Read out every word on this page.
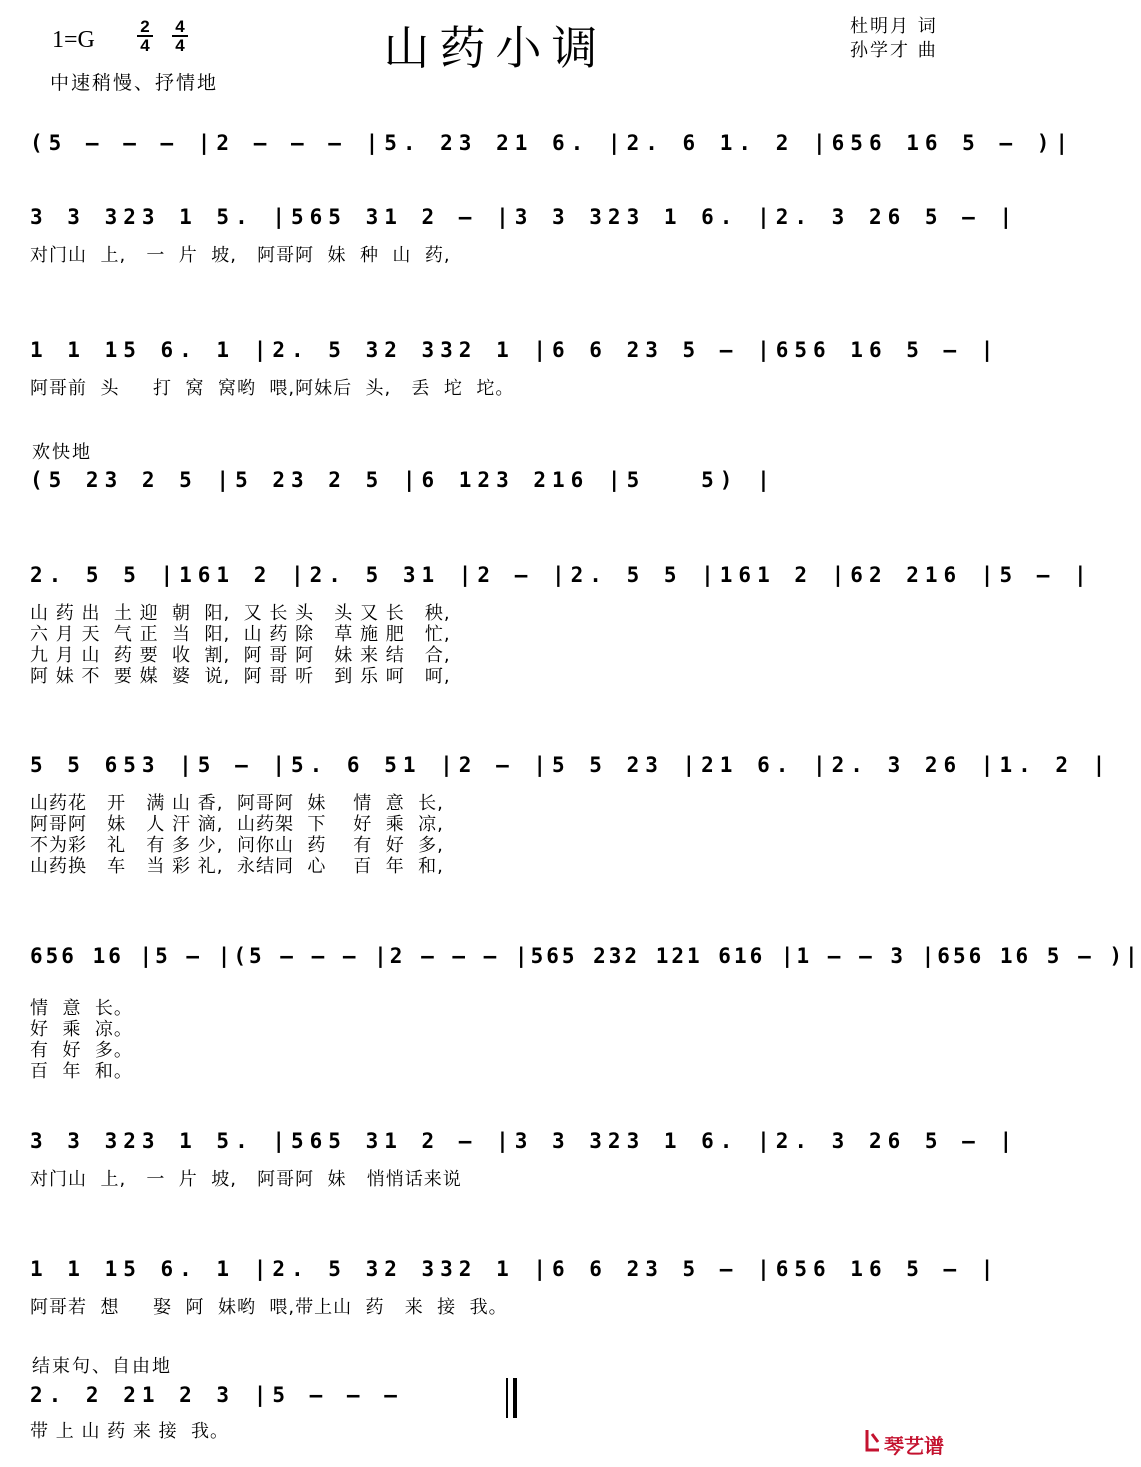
1=G
2
4
4
4	山药小调	杜明月 词
孙学才 曲
中速稍慢、抒情地
(5 – – – |2 – – – |5. 23 21 6. |2. 6 1. 2 |656 16 5 – )|
3 3 323 1 5. |565 31 2 – |3 3 323 1 6. |2. 3 26 5 – |
对门山  上,   一  片  坡,   阿哥阿  妹  种  山  药,
1 1 15 6. 1 |2. 5 32 332 1 |6 6 23 5 – |656 16 5 – |
阿哥前  头     打  窝  窝哟  喂,阿妹后  头,   丢  坨  坨。
欢快地
(5 23 2 5 |5 23 2 5 |6 123 216 |5   5) |
2. 5 5 |161 2 |2. 5 31 |2 – |2. 5 5 |161 2 |62 216 |5 – |
山 药 出  土 迎  朝  阳,  又 长 头   头 又 长   秧,
六 月 天  气 正  当  阳,  山 药 除   草 施 肥   忙,
九 月 山  药 要  收  割,  阿 哥 阿   妹 来 结   合,
阿 妹 不  要 媒  婆  说,  阿 哥 听   到 乐 呵   呵,
5 5 653 |5 – |5. 6 51 |2 – |5 5 23 |21 6. |2. 3 26 |1. 2 |
山药花   开   满 山 香,  阿哥阿  妹    情  意  长,
阿哥阿   妹   人 汗 滴,  山药架  下    好  乘  凉,
不为彩   礼   有 多 少,  问你山  药    有  好  多,
山药换   车   当 彩 礼,  永结同  心    百  年  和,
656 16 |5 – |(5 – – – |2 – – – |565 232 121 616 |1 – – 3 |656 16 5 – )|
情  意  长。
好  乘  凉。
有  好  多。
百  年  和。
3 3 323 1 5. |565 31 2 – |3 3 323 1 6. |2. 3 26 5 – |
对门山  上,   一  片  坡,   阿哥阿  妹   悄悄话来说
1 1 15 6. 1 |2. 5 32 332 1 |6 6 23 5 – |656 16 5 – |
阿哥若  想     娶  阿  妹哟  喂,带上山  药   来  接  我。
结束句、自由地
2. 2 21 2 3 |5 – – –
带 上 山 药 来 接  我。
琴艺谱
